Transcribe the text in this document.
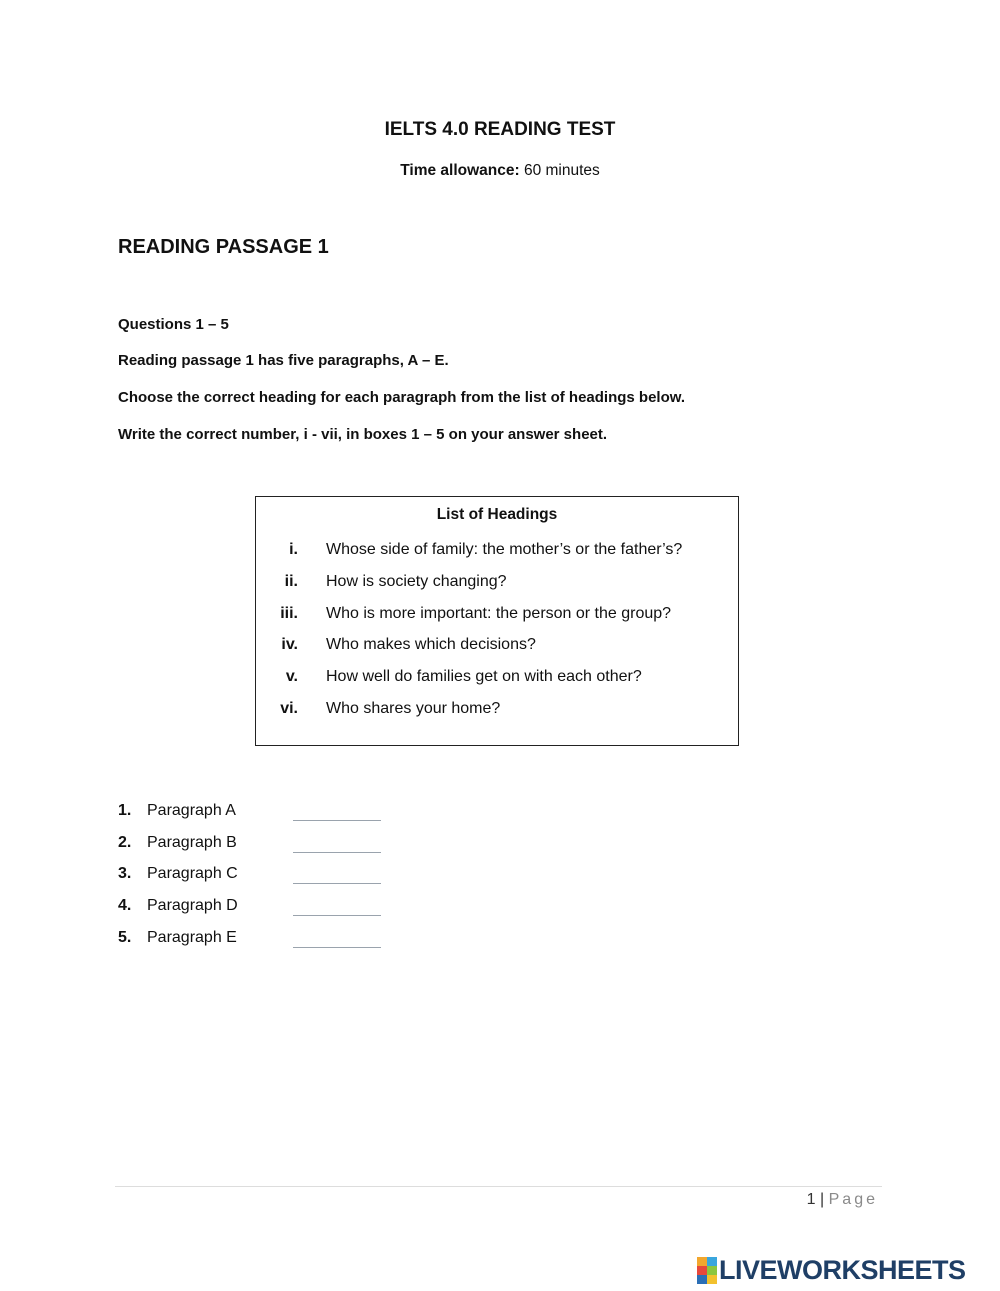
IELTS 4.0 READING TEST
Time allowance: 60 minutes
READING PASSAGE 1
Questions 1 – 5
Reading passage 1 has five paragraphs, A – E.
Choose the correct heading for each paragraph from the list of headings below.
Write the correct number, i - vii, in boxes 1 – 5 on your answer sheet.
List of Headings
i. Whose side of family: the mother’s or the father’s?
ii. How is society changing?
iii. Who is more important: the person or the group?
iv. Who makes which decisions?
v. How well do families get on with each other?
vi. Who shares your home?
1. Paragraph A
2. Paragraph B
3. Paragraph C
4. Paragraph D
5. Paragraph E
1 | Page
LIVEWORKSHEETS
